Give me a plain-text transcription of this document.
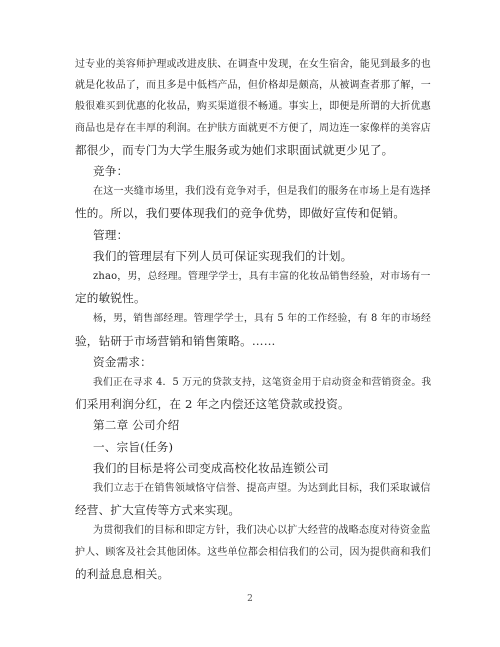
过专业的美容师护理或改进皮肤、在调查中发现，在女生宿舍，能见到最多的也
就是化妆品了，而且多是中低档产品，但价格却是颇高，从被调查者那了解，一
般很难买到优惠的化妆品，购买渠道很不畅通。事实上，即便是所谓的大折优惠
商品也是存在丰厚的利润。在护肤方面就更不方便了，周边连一家像样的美容店
都很少，而专门为大学生服务或为她们求职面试就更少见了。
竞争：
在这一夹缝市场里，我们没有竞争对手，但是我们的服务在市场上是有选择
性的。所以，我们要体现我们的竞争优势，即做好宣传和促销。
管理：
我们的管理层有下列人员可保证实现我们的计划。
zhao，男，总经理。管理学学士，具有丰富的化妆品销售经验，对市场有一
定的敏锐性。
杨，男，销售部经理。管理学学士，具有 5 年的工作经验，有 8 年的市场经
验，钻研于市场营销和销售策略。……
资金需求：
我们正在寻求 4．5 万元的贷款支持，这笔资金用于启动资金和营销资金。我
们采用利润分红，在 2 年之内偿还这笔贷款或投资。
第二章 公司介绍
一、宗旨(任务)
我们的目标是将公司变成高校化妆品连锁公司
我们立志于在销售领域恪守信誉、提高声望。为达到此目标，我们采取诚信
经营、扩大宣传等方式来实现。
为贯彻我们的目标和即定方针，我们决心以扩大经营的战略态度对待资金监
护人、顾客及社会其他团体。这些单位都会相信我们的公司，因为提供商和我们
的利益息息相关。
2
